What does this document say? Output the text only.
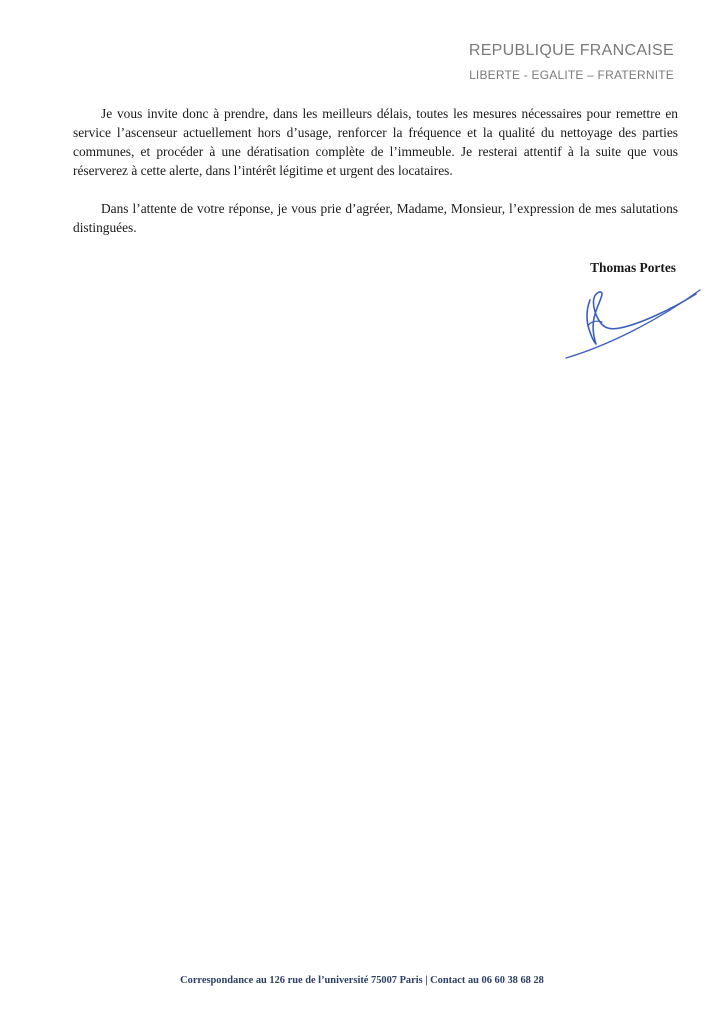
REPUBLIQUE FRANCAISE
LIBERTE - EGALITE – FRATERNITE

Je vous invite donc à prendre, dans les meilleurs délais, toutes les mesures nécessaires pour remettre en service l’ascenseur actuellement hors d’usage, renforcer la fréquence et la qualité du nettoyage des parties communes, et procéder à une dératisation complète de l’immeuble. Je resterai attentif à la suite que vous réserverez à cette alerte, dans l’intérêt légitime et urgent des locataires.

Dans l’attente de votre réponse, je vous prie d’agréer, Madame, Monsieur, l’expression de mes salutations distinguées.

Thomas Portes
Correspondance au 126 rue de l’université 75007 Paris | Contact au 06 60 38 68 28
